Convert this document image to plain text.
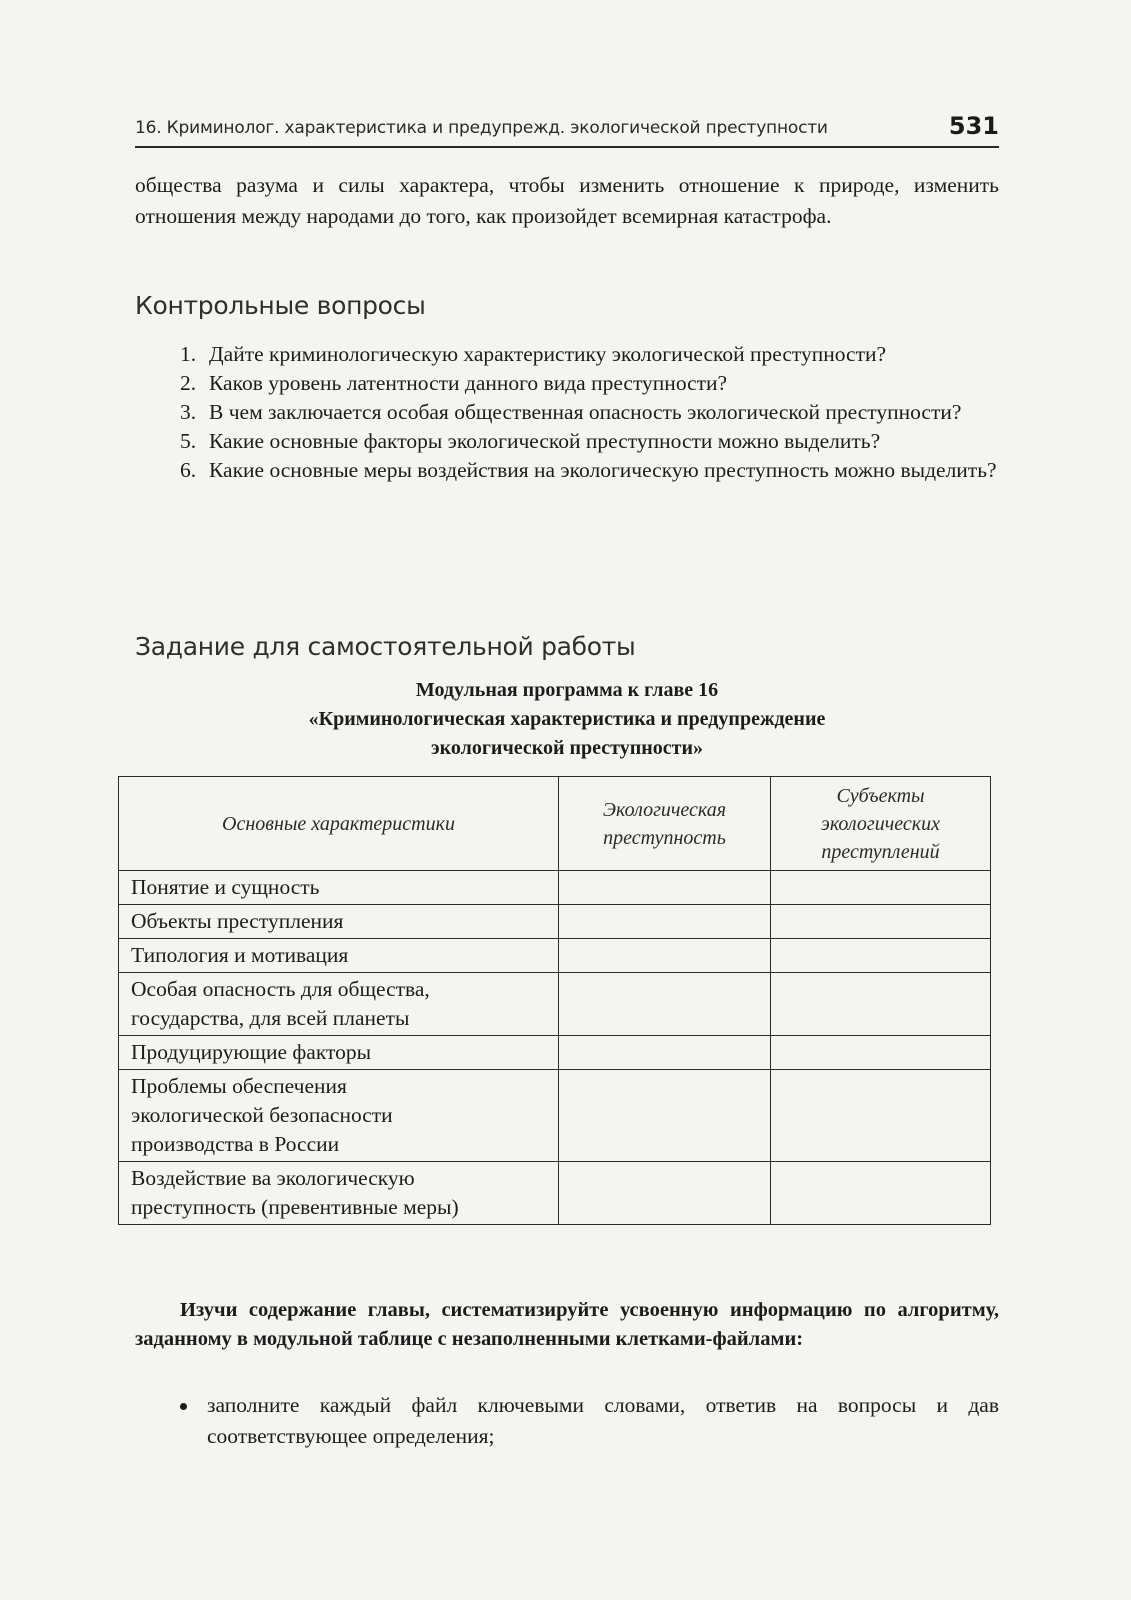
16. Криминолог. характеристика и предупрежд. экологической преступности	531
общества разума и силы характера, чтобы изменить отношение к природе, изменить отношения между народами до того, как произойдет всемирная катастрофа.
Контрольные вопросы
1. Дайте криминологическую характеристику экологической преступности?
2. Каков уровень латентности данного вида преступности?
3. В чем заключается особая общественная опасность экологической преступности?
5. Какие основные факторы экологической преступности можно выделить?
6. Какие основные меры воздействия на экологическую преступность можно выделить?
Задание для самостоятельной работы
Модульная программа к главе 16
«Криминологическая характеристика и предупреждение
экологической преступности»
Основные характеристики	Экологическая преступность	Субъекты экологических преступлений
Понятие и сущность		
Объекты преступления		
Типология и мотивация		
Особая опасность для общества, государства, для всей планеты		
Продуцирующие факторы		
Проблемы обеспечения экологической безопасности производства в России		
Воздействие ва экологическую преступность (превентивные меры)		
Изучи содержание главы, систематизируйте усвоенную информацию по алгоритму, заданному в модульной таблице с незаполненными клетками-файлами:
заполните каждый файл ключевыми словами, ответив на вопросы и дав соответствующее определения;
